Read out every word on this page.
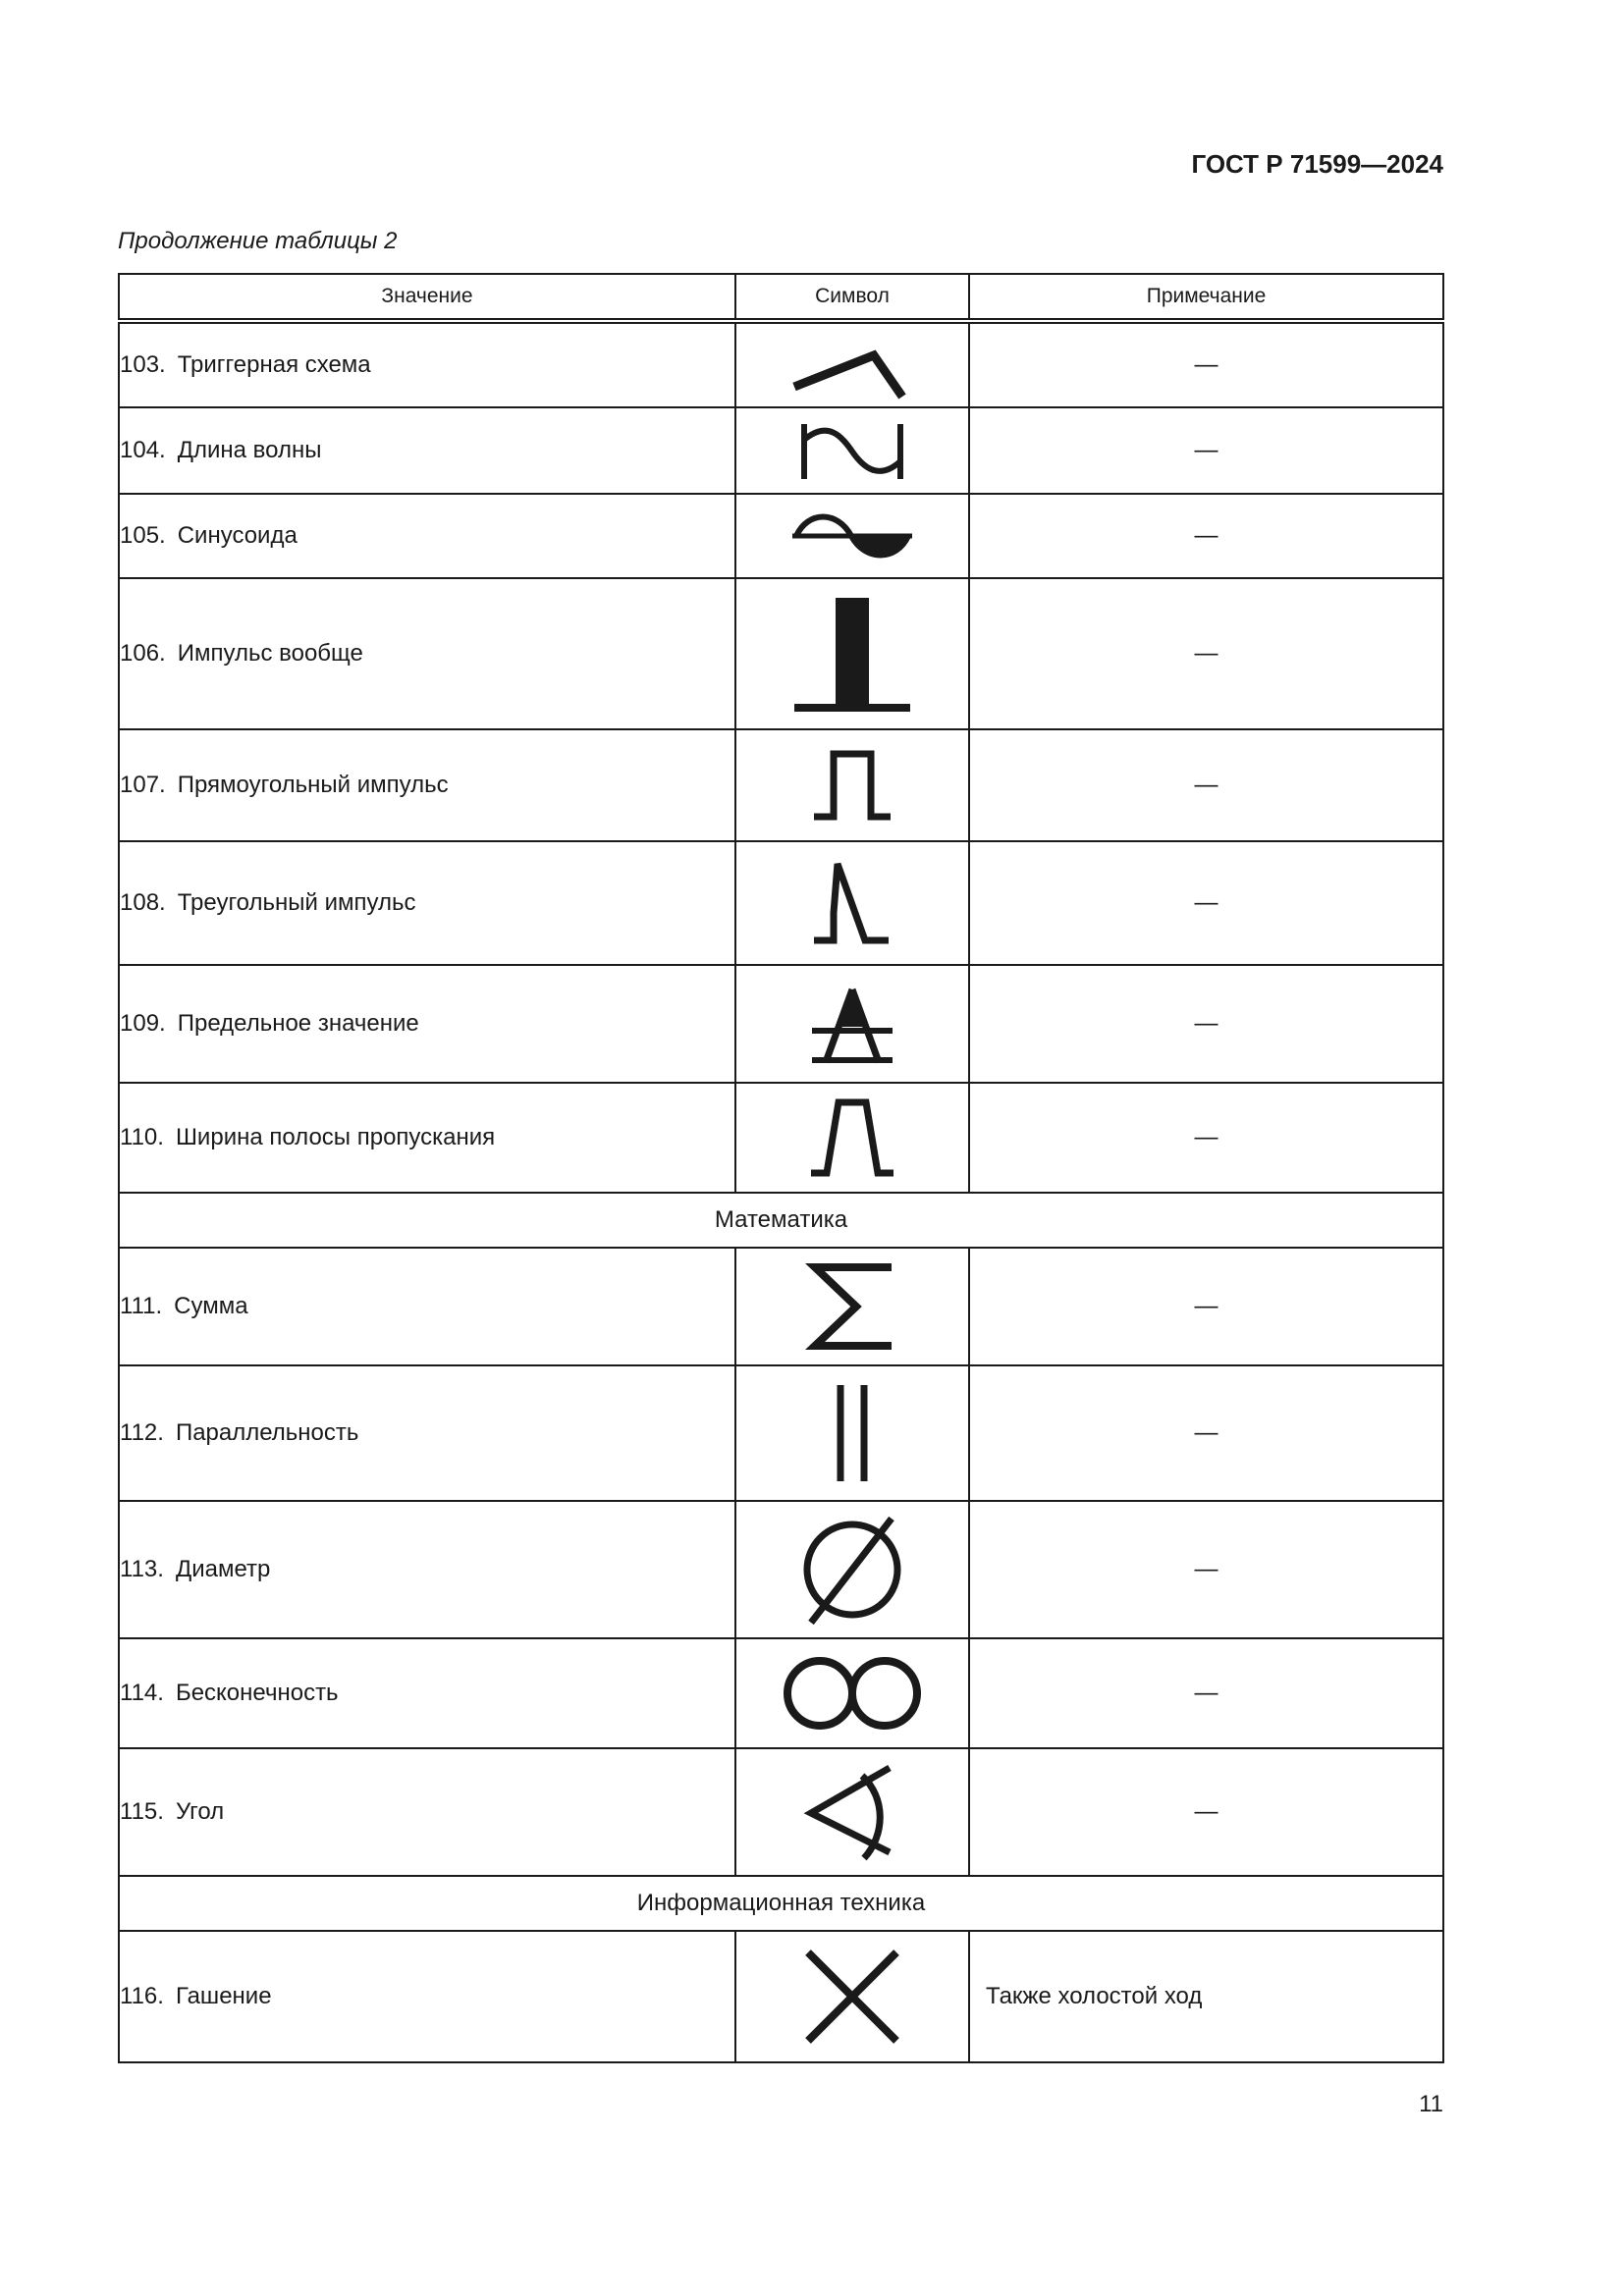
ГОСТ Р 71599—2024
Продолжение таблицы 2
Значение	Символ	Примечание
103. Триггерная схема		—
104. Длина волны		—
105. Синусоида		—
106. Импульс вообще		—
107. Прямоугольный импульс		—
108. Треугольный импульс		—
109. Предельное значение		—
110. Ширина полосы пропускания		—
Математика		
111. Сумма		—
112. Параллельность		—
113. Диаметр		—
114. Бесконечность		—
115. Угол		—
Информационная техника		
116. Гашение		Также холостой ход
11
